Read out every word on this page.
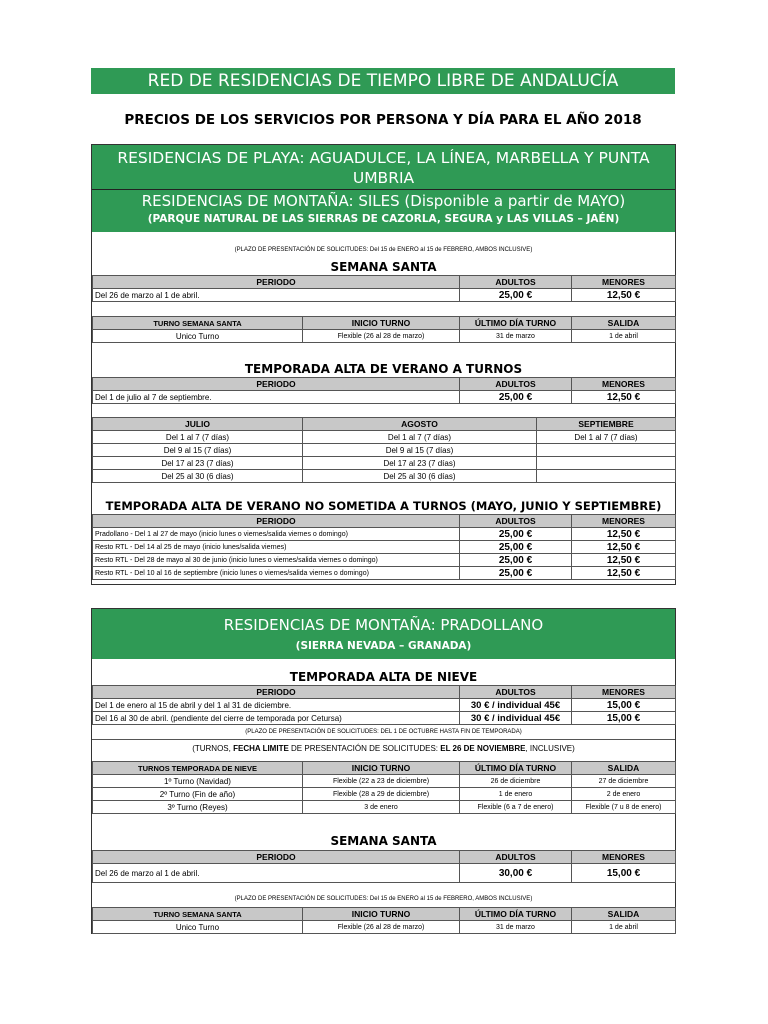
RED DE RESIDENCIAS DE TIEMPO LIBRE DE ANDALUCÍA
PRECIOS DE LOS SERVICIOS POR PERSONA Y DÍA PARA EL AÑO 2018
RESIDENCIAS DE PLAYA: AGUADULCE, LA LÍNEA, MARBELLA Y PUNTA UMBRIA
RESIDENCIAS DE MONTAÑA: SILES (Disponible a partir de MAYO)
(PARQUE NATURAL DE LAS SIERRAS DE CAZORLA, SEGURA y LAS VILLAS – JAÉN)
(PLAZO DE PRESENTACIÓN DE SOLICITUDES: Del 15 de ENERO al 15 de FEBRERO, AMBOS INCLUSIVE)
SEMANA SANTA
PERIODO	ADULTOS	MENORES
Del 26 de marzo al 1 de abril.	25,00 €	12,50 €
TURNO SEMANA SANTA	INICIO TURNO	ÚLTIMO DÍA TURNO	SALIDA
Unico Turno	Flexible (26 al 28 de marzo)	31 de marzo	1 de abril
TEMPORADA ALTA DE VERANO A TURNOS
PERIODO	ADULTOS	MENORES
Del 1 de julio al 7 de septiembre.	25,00 €	12,50 €
JULIO	AGOSTO	SEPTIEMBRE
Del 1 al 7 (7 días)	Del 1 al 7 (7 días)	Del 1 al 7 (7 días)
Del 9 al 15 (7 días)	Del 9 al 15 (7 días)	
Del 17 al 23 (7 días)	Del 17 al 23 (7 días)	
Del 25 al 30 (6 días)	Del 25 al 30 (6 días)	
TEMPORADA ALTA DE VERANO NO SOMETIDA A TURNOS (MAYO, JUNIO Y SEPTIEMBRE)
PERIODO	ADULTOS	MENORES
Pradollano - Del 1 al 27 de mayo (inicio lunes o viernes/salida viernes o domingo)	25,00 €	12,50 €
Resto RTL - Del 14 al 25 de mayo (inicio lunes/salida viernes)	25,00 €	12,50 €
Resto RTL - Del 28 de mayo al 30 de junio (inicio lunes o viernes/salida viernes o domingo)	25,00 €	12,50 €
Resto RTL - Del 10 al 16 de septiembre (inicio lunes o viernes/salida viernes o domingo)	25,00 €	12,50 €
RESIDENCIAS DE MONTAÑA: PRADOLLANO
(SIERRA NEVADA – GRANADA)
TEMPORADA ALTA DE NIEVE
PERIODO	ADULTOS	MENORES
Del 1 de enero al 15 de abril y del 1 al 31 de diciembre.	30 € / individual 45€	15,00 €
Del 16 al 30 de abril. (pendiente del cierre de temporada por Cetursa)	30 € / individual 45€	15,00 €
(PLAZO DE PRESENTACIÓN DE SOLICITUDES: DEL 1 DE OCTUBRE HASTA FIN DE TEMPORADA)
(TURNOS, FECHA LIMITE DE PRESENTACIÓN DE SOLICITUDES: EL 26 DE NOVIEMBRE, INCLUSIVE)
TURNOS TEMPORADA DE NIEVE	INICIO TURNO	ÚLTIMO DÍA TURNO	SALIDA
1º Turno (Navidad)	Flexible (22 a 23 de diciembre)	26 de diciembre	27 de diciembre
2º Turno (Fin de año)	Flexible (28 a 29 de diciembre)	1 de enero	2 de enero
3º Turno (Reyes)	3 de enero	Flexible (6 a 7 de enero)	Flexible (7 u 8 de enero)
SEMANA SANTA
PERIODO	ADULTOS	MENORES
Del 26 de marzo al 1 de abril.	30,00 €	15,00 €
(PLAZO DE PRESENTACIÓN DE SOLICITUDES: Del 15 de ENERO al 15 de FEBRERO, AMBOS INCLUSIVE)
TURNO SEMANA SANTA	INICIO TURNO	ÚLTIMO DÍA TURNO	SALIDA
Unico Turno	Flexible (26 al 28 de marzo)	31 de marzo	1 de abril
